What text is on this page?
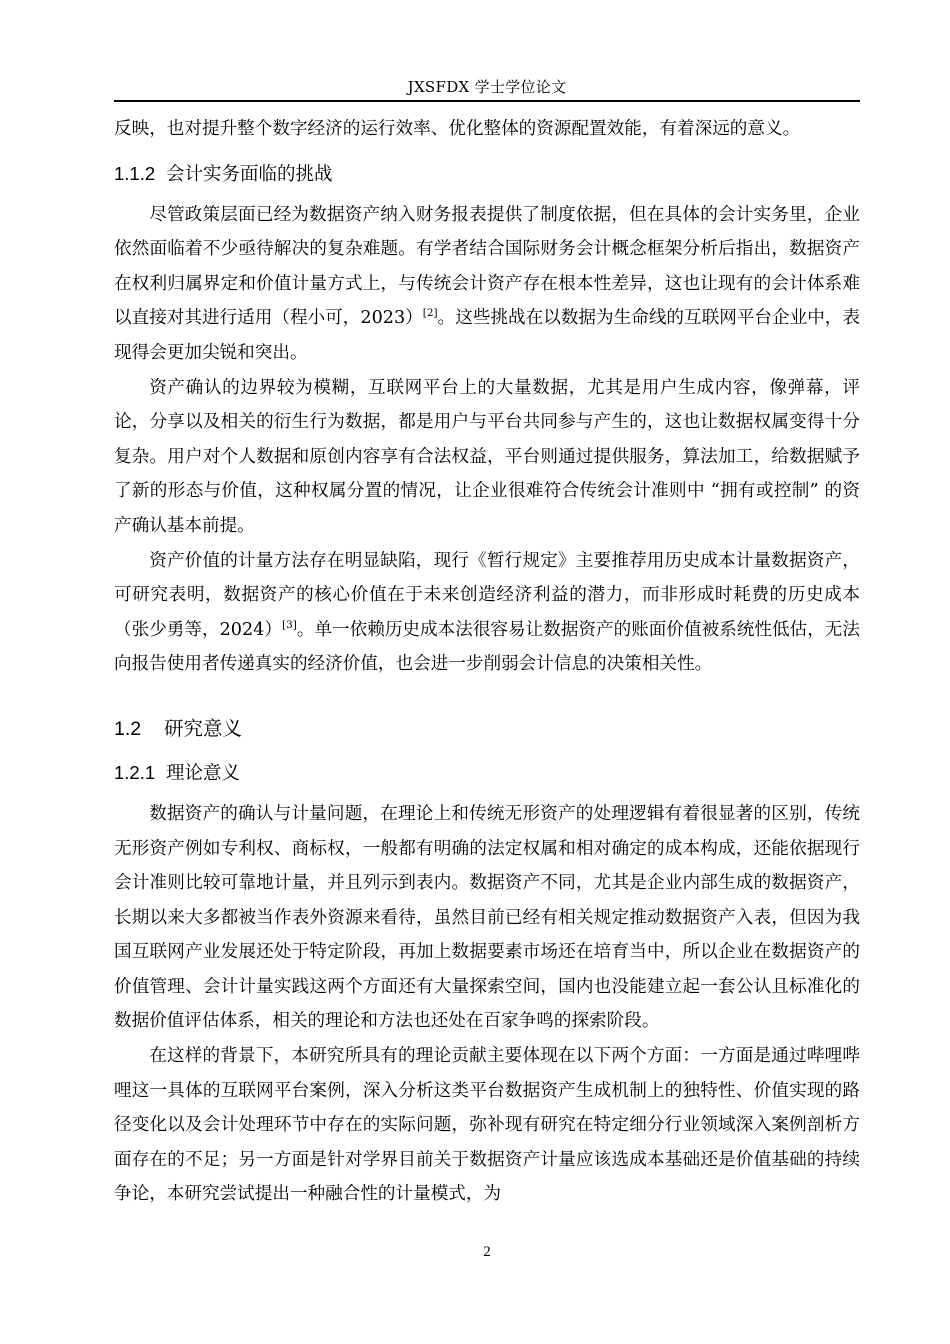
JXSFDX 学士学位论文

反映，也对提升整个数字经济的运行效率、优化整体的资源配置效能，有着深远的意义。

1.1.2 会计实务面临的挑战

尽管政策层面已经为数据资产纳入财务报表提供了制度依据，但在具体的会计实务里，企业依然面临着不少亟待解决的复杂难题。有学者结合国际财务会计概念框架分析后指出，数据资产在权利归属界定和价值计量方式上，与传统会计资产存在根本性差异，这也让现有的会计体系难以直接对其进行适用（程小可，2023）[2]。这些挑战在以数据为生命线的互联网平台企业中，表现得会更加尖锐和突出。

资产确认的边界较为模糊，互联网平台上的大量数据，尤其是用户生成内容，像弹幕，评论，分享以及相关的衍生行为数据，都是用户与平台共同参与产生的，这也让数据权属变得十分复杂。用户对个人数据和原创内容享有合法权益，平台则通过提供服务，算法加工，给数据赋予了新的形态与价值，这种权属分置的情况，让企业很难符合传统会计准则中 “拥有或控制” 的资产确认基本前提。

资产价值的计量方法存在明显缺陷，现行《暂行规定》主要推荐用历史成本计量数据资产，可研究表明，数据资产的核心价值在于未来创造经济利益的潜力，而非形成时耗费的历史成本（张少勇等，2024）[3]。单一依赖历史成本法很容易让数据资产的账面价值被系统性低估，无法向报告使用者传递真实的经济价值，也会进一步削弱会计信息的决策相关性。

1.2 研究意义
1.2.1 理论意义

数据资产的确认与计量问题，在理论上和传统无形资产的处理逻辑有着很显著的区别，传统无形资产例如专利权、商标权，一般都有明确的法定权属和相对确定的成本构成，还能依据现行会计准则比较可靠地计量，并且列示到表内。数据资产不同，尤其是企业内部生成的数据资产，长期以来大多都被当作表外资源来看待，虽然目前已经有相关规定推动数据资产入表，但因为我国互联网产业发展还处于特定阶段，再加上数据要素市场还在培育当中，所以企业在数据资产的价值管理、会计计量实践这两个方面还有大量探索空间，国内也没能建立起一套公认且标准化的数据价值评估体系，相关的理论和方法也还处在百家争鸣的探索阶段。

在这样的背景下，本研究所具有的理论贡献主要体现在以下两个方面：一方面是通过哔哩哔哩这一具体的互联网平台案例，深入分析这类平台数据资产生成机制上的独特性、价值实现的路径变化以及会计处理环节中存在的实际问题，弥补现有研究在特定细分行业领域深入案例剖析方面存在的不足；另一方面是针对学界目前关于数据资产计量应该选成本基础还是价值基础的持续争论，本研究尝试提出一种融合性的计量模式，为

2
